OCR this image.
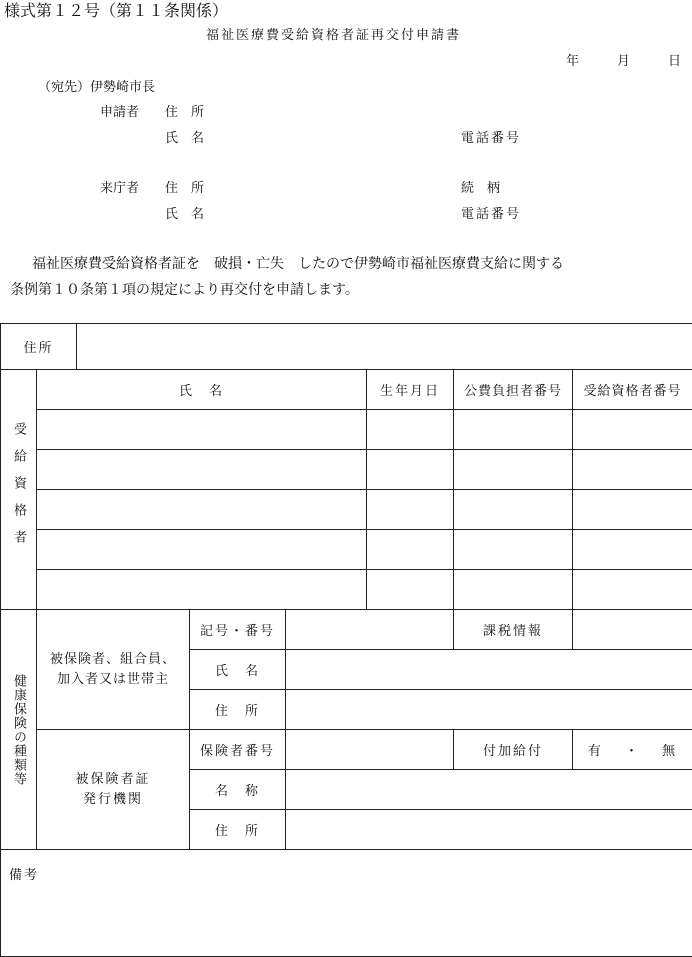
様式第１２号（第１１条関係）
福祉医療費受給資格者証再交付申請書
年	月	日
（宛先）伊勢崎市長
申請者 住　所
氏　名	電話番号
来庁者 住　所	続　柄
氏　名	電話番号
福祉医療費受給資格者証を　破損・亡失　したので伊勢崎市福祉医療費支給に関する
条例第１０条第１項の規定により再交付を申請します。
住所							
受給資格者	氏　名				生年月日	公費負担者番号	受給資格者番号

健康保険の種類等	被保険者、組合員、
加入者又は世帯主		記号・番号			課税情報	
			氏　名				
			住　所				

	被保険者証
発行機関		保険者番号			付加給付	有 ・ 無
			名　称				
			住　所				
備考							
